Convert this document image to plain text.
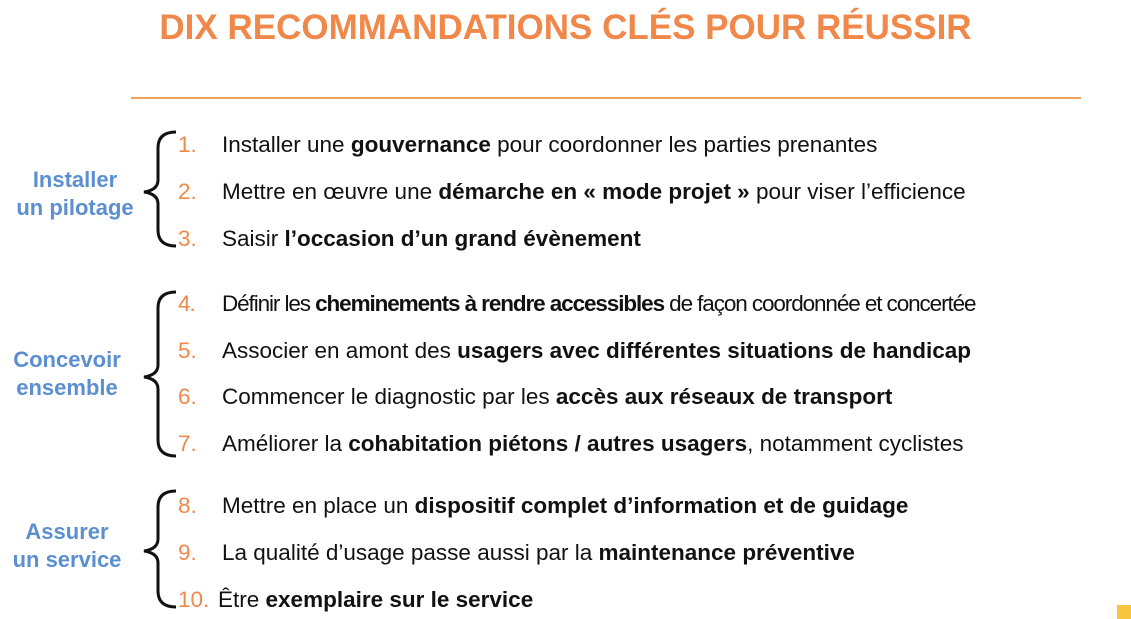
DIX RECOMMANDATIONS CLÉS POUR RÉUSSIR
Installer
un pilotage
Concevoir
ensemble
Assurer
un service
1. Installer une gouvernance pour coordonner les parties prenantes
2. Mettre en œuvre une démarche en « mode projet » pour viser l’efficience
3. Saisir l’occasion d’un grand évènement
4. Définir les cheminements à rendre accessibles de façon coordonnée et concertée
5. Associer en amont des usagers avec différentes situations de handicap
6. Commencer le diagnostic par les accès aux réseaux de transport
7. Améliorer la cohabitation piétons / autres usagers, notamment cyclistes
8. Mettre en place un dispositif complet d’information et de guidage
9. La qualité d’usage passe aussi par la maintenance préventive
10. Être exemplaire sur le service
